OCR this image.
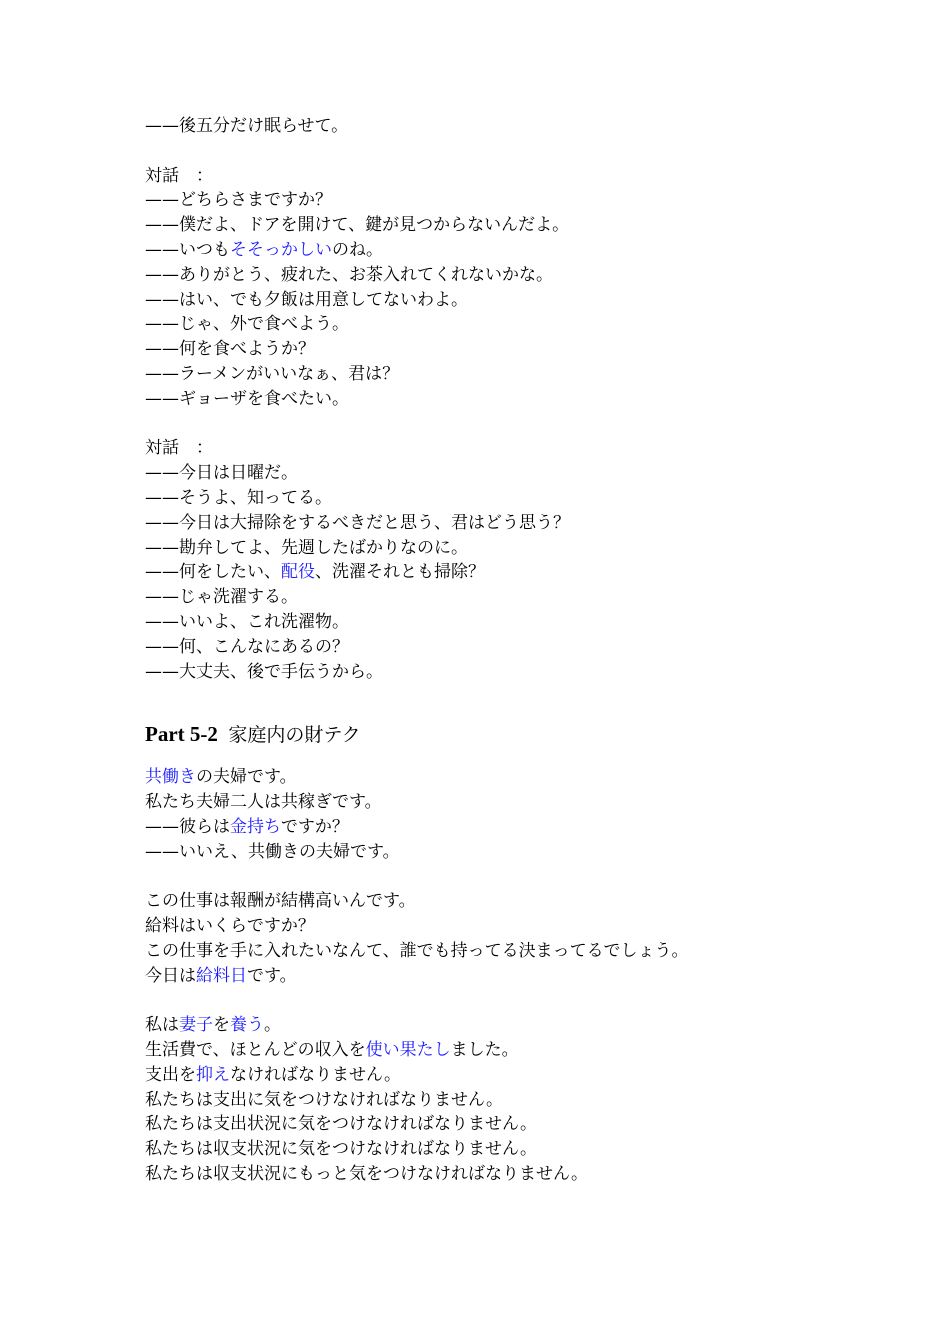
——後五分だけ眠らせて。
対話　：
——どちらさまですか？
——僕だよ、ドアを開けて、鍵が見つからないんだよ。
——いつもそそっかしいのね。
——ありがとう、疲れた、お茶入れてくれないかな。
——はい、でも夕飯は用意してないわよ。
——じゃ、外で食べよう。
——何を食べようか？
——ラーメンがいいなぁ、君は？
——ギョーザを食べたい。
対話　：
——今日は日曜だ。
——そうよ、知ってる。
——今日は大掃除をするべきだと思う、君はどう思う？
——勘弁してよ、先週したばかりなのに。
——何をしたい、配役、洗濯それとも掃除？
——じゃ洗濯する。
——いいよ、これ洗濯物。
——何、こんなにあるの？
——大丈夫、後で手伝うから。
Part 5-2 家庭内の財テク
共働きの夫婦です。
私たち夫婦二人は共稼ぎです。
——彼らは金持ちですか？
——いいえ、共働きの夫婦です。
この仕事は報酬が結構高いんです。
給料はいくらですか？
この仕事を手に入れたいなんて、誰でも持ってる決まってるでしょう。
今日は給料日です。
私は妻子を養う。
生活費で、ほとんどの収入を使い果たしました。
支出を抑えなければなりません。
私たちは支出に気をつけなければなりません。
私たちは支出状況に気をつけなければなりません。
私たちは収支状況に気をつけなければなりません。
私たちは収支状況にもっと気をつけなければなりません。
